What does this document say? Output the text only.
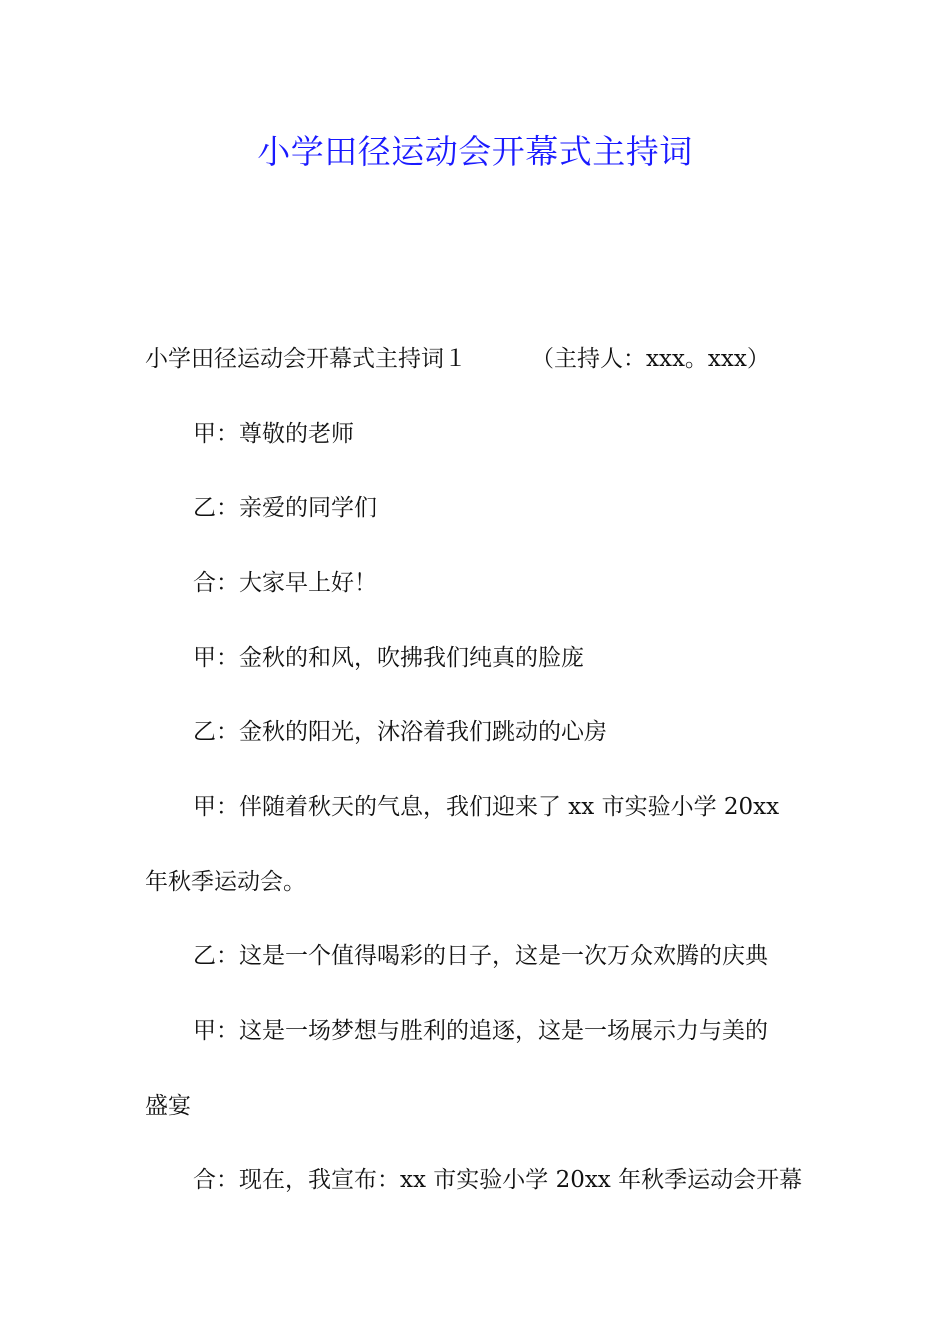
小学田径运动会开幕式主持词

小学田径运动会开幕式主持词１	（主持人：xxx。xxx）

甲：尊敬的老师

乙：亲爱的同学们

合：大家早上好！

甲：金秋的和风，吹拂我们纯真的脸庞

乙：金秋的阳光，沐浴着我们跳动的心房

甲：伴随着秋天的气息，我们迎来了 xx 市实验小学 20xx

年秋季运动会。

乙：这是一个值得喝彩的日子，这是一次万众欢腾的庆典

甲：这是一场梦想与胜利的追逐，这是一场展示力与美的

盛宴

合：现在，我宣布：xx 市实验小学 20xx 年秋季运动会开幕
